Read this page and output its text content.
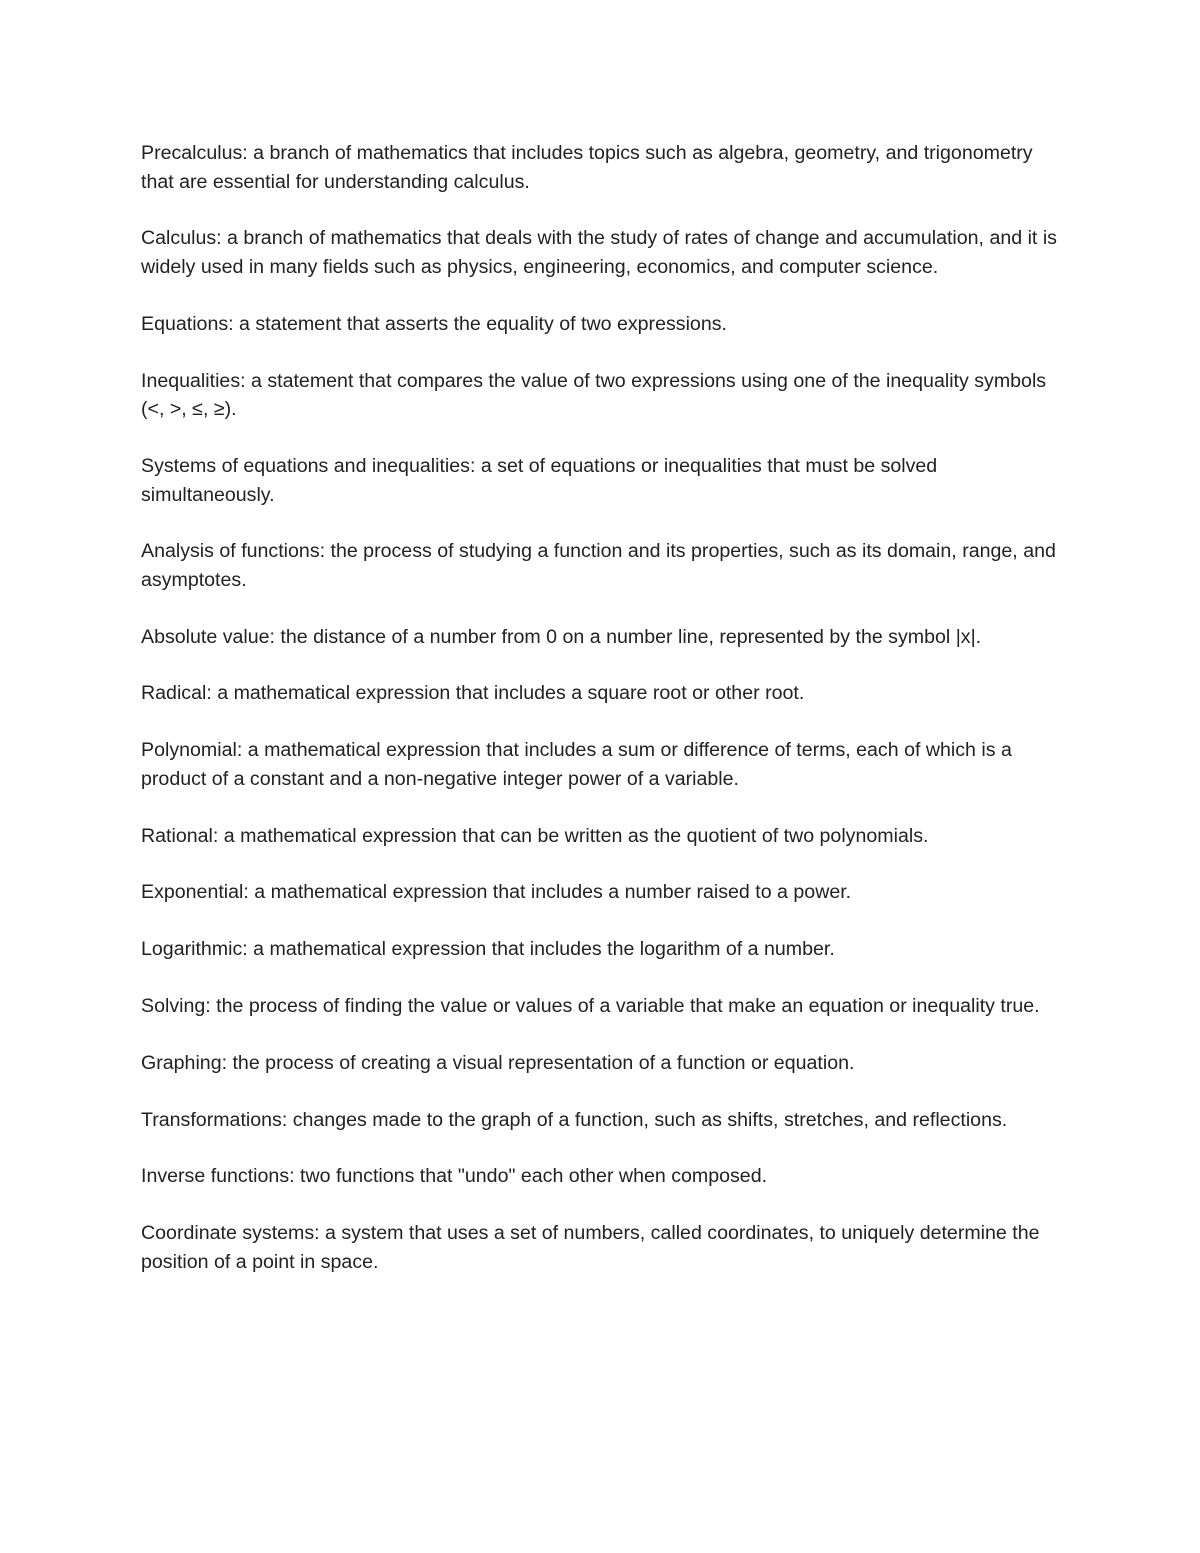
Precalculus: a branch of mathematics that includes topics such as algebra, geometry, and trigonometry that are essential for understanding calculus.

Calculus: a branch of mathematics that deals with the study of rates of change and accumulation, and it is widely used in many fields such as physics, engineering, economics, and computer science.

Equations: a statement that asserts the equality of two expressions.

Inequalities: a statement that compares the value of two expressions using one of the inequality symbols (<, >, ≤, ≥).

Systems of equations and inequalities: a set of equations or inequalities that must be solved simultaneously.

Analysis of functions: the process of studying a function and its properties, such as its domain, range, and asymptotes.

Absolute value: the distance of a number from 0 on a number line, represented by the symbol |x|.

Radical: a mathematical expression that includes a square root or other root.

Polynomial: a mathematical expression that includes a sum or difference of terms, each of which is a product of a constant and a non-negative integer power of a variable.

Rational: a mathematical expression that can be written as the quotient of two polynomials.

Exponential: a mathematical expression that includes a number raised to a power.

Logarithmic: a mathematical expression that includes the logarithm of a number.

Solving: the process of finding the value or values of a variable that make an equation or inequality true.

Graphing: the process of creating a visual representation of a function or equation.

Transformations: changes made to the graph of a function, such as shifts, stretches, and reflections.

Inverse functions: two functions that "undo" each other when composed.

Coordinate systems: a system that uses a set of numbers, called coordinates, to uniquely determine the position of a point in space.
